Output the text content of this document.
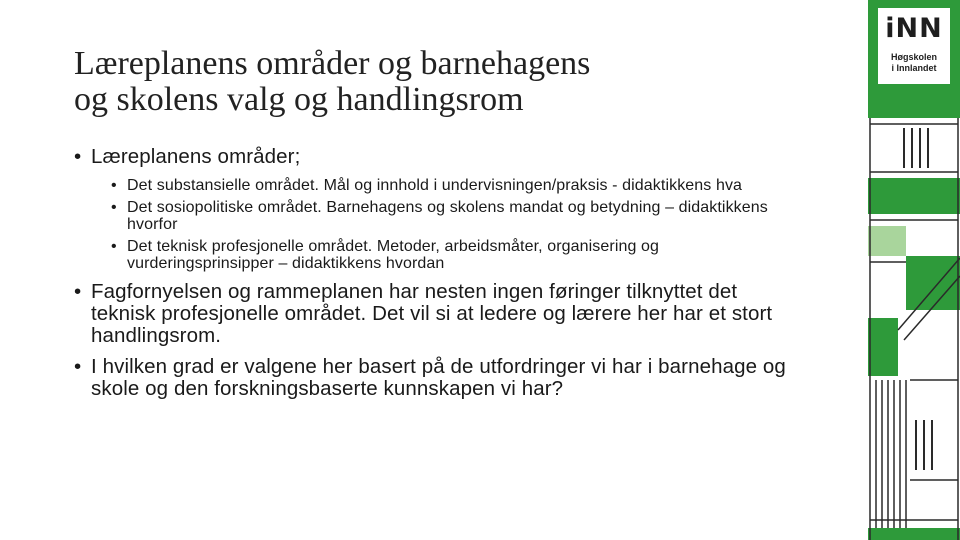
Læreplanens områder og barnehagens
og skolens valg og handlingsrom
• Læreplanens områder;
• Det substansielle området. Mål og innhold i undervisningen/praksis - didaktikkens hva
• Det sosiopolitiske området. Barnehagens og skolens mandat og betydning – didaktikkens hvorfor
• Det teknisk profesjonelle området. Metoder, arbeidsmåter, organisering og vurderingsprinsipper – didaktikkens hvordan
• Fagfornyelsen og rammeplanen har nesten ingen føringer tilknyttet det teknisk profesjonelle området. Det vil si at ledere og lærere her har et stort handlingsrom.
• I hvilken grad er valgene her basert på de utfordringer vi har i barnehage og skole og den forskningsbaserte kunnskapen vi har?
iNN
Høgskolen
i Innlandet
